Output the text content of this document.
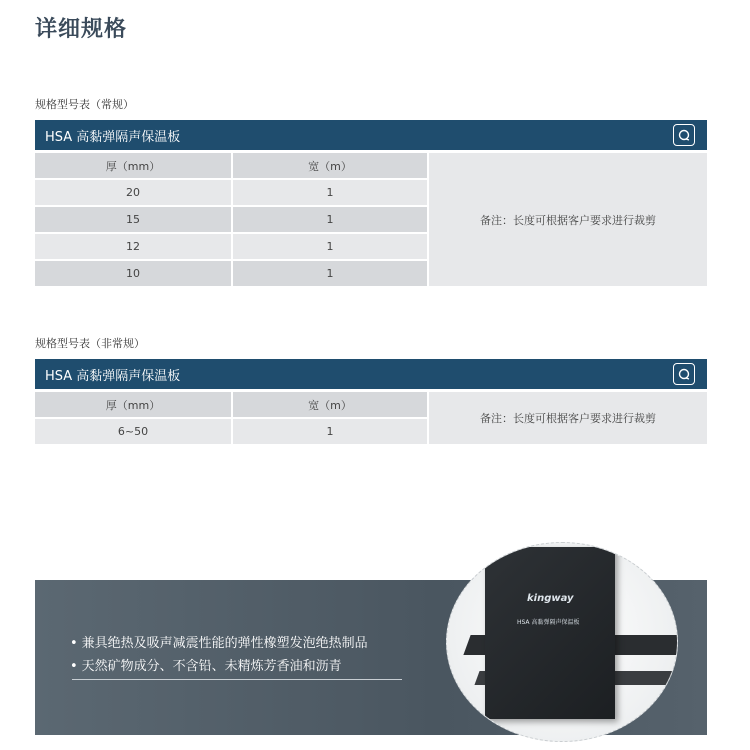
详细规格
规格型号表（常规）
HSA 高黏弹隔声保温板
厚（mm）	宽（m）
20	1
15	1
12	1
10	1
备注：长度可根据客户要求进行裁剪
规格型号表（非常规）
HSA 高黏弹隔声保温板
厚（mm）	宽（m）
6~50	1
备注：长度可根据客户要求进行裁剪
• 兼具绝热及吸声减震性能的弹性橡塑发泡绝热制品
• 天然矿物成分、不含铅、未精炼芳香油和沥青
kingway
HSA 高黏弹隔声保温板
